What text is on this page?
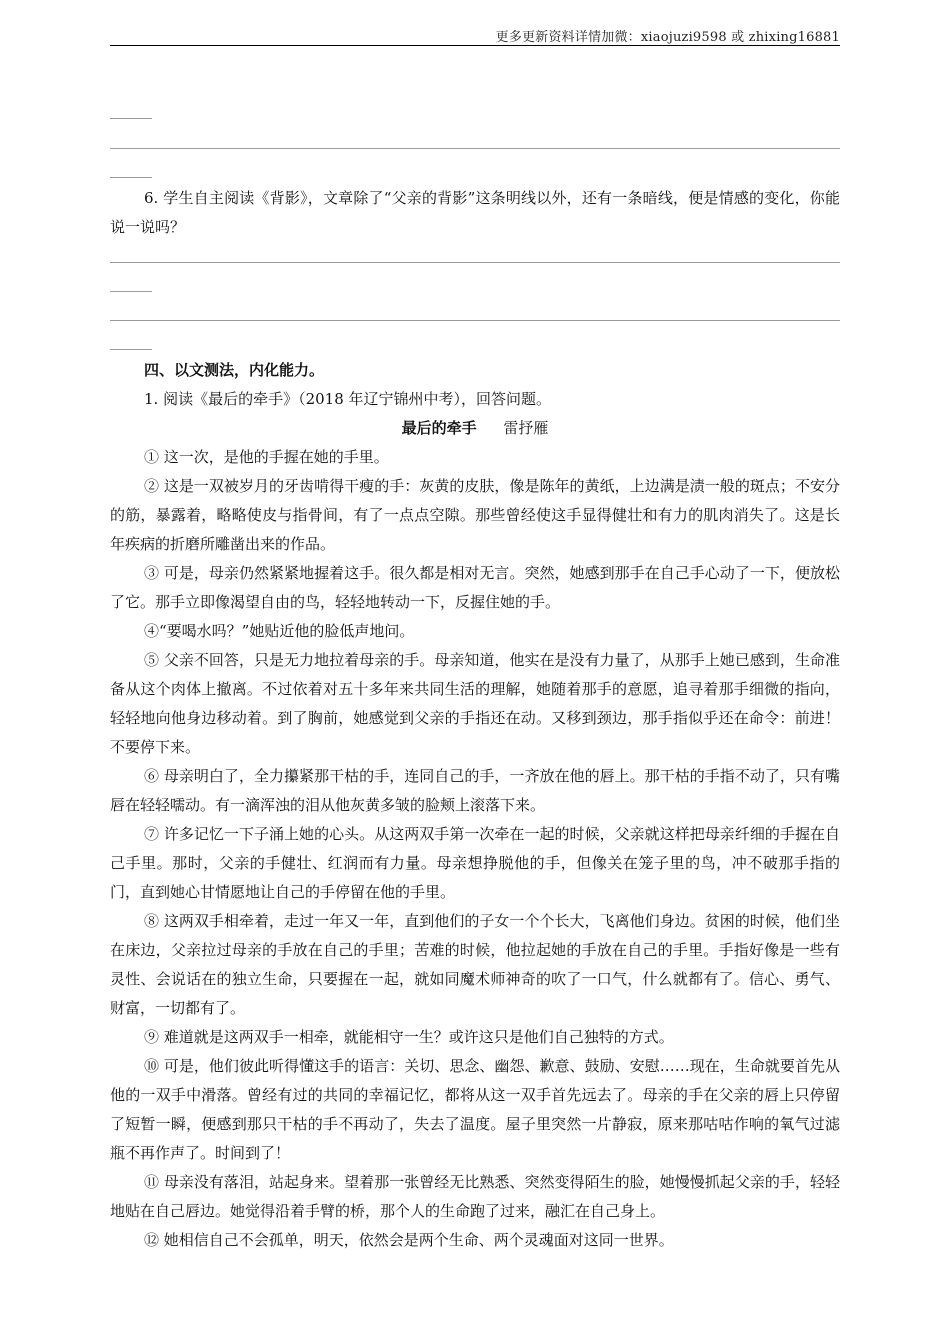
更多更新资料详情加微：xiaojuzi9598 或 zhixing16881

6. 学生自主阅读《背影》，文章除了“父亲的背影”这条明线以外，还有一条暗线，便是情感的变化，你能说一说吗？

四、以文测法，内化能力。

1. 阅读《最后的牵手》（2018 年辽宁锦州中考），回答问题。

最后的牵手 雷抒雁

① 这一次，是他的手握在她的手里。

② 这是一双被岁月的牙齿啃得干瘦的手：灰黄的皮肤，像是陈年的黄纸，上边满是渍一般的斑点；不安分的筋，暴露着，略略使皮与指骨间，有了一点点空隙。那些曾经使这手显得健壮和有力的肌肉消失了。这是长年疾病的折磨所雕凿出来的作品。

③ 可是，母亲仍然紧紧地握着这手。很久都是相对无言。突然，她感到那手在自己手心动了一下，便放松了它。那手立即像渴望自由的鸟，轻轻地转动一下，反握住她的手。

④“要喝水吗？”她贴近他的脸低声地问。

⑤ 父亲不回答，只是无力地拉着母亲的手。母亲知道，他实在是没有力量了，从那手上她已感到，生命准备从这个肉体上撤离。不过依着对五十多年来共同生活的理解，她随着那手的意愿，追寻着那手细微的指向，轻轻地向他身边移动着。到了胸前，她感觉到父亲的手指还在动。又移到颈边，那手指似乎还在命令：前进！不要停下来。

⑥ 母亲明白了，全力攥紧那干枯的手，连同自己的手，一齐放在他的唇上。那干枯的手指不动了，只有嘴唇在轻轻嚅动。有一滴浑浊的泪从他灰黄多皱的脸颊上滚落下来。

⑦ 许多记忆一下子涌上她的心头。从这两双手第一次牵在一起的时候，父亲就这样把母亲纤细的手握在自己手里。那时，父亲的手健壮、红润而有力量。母亲想挣脱他的手，但像关在笼子里的鸟，冲不破那手指的门，直到她心甘情愿地让自己的手停留在他的手里。

⑧ 这两双手相牵着，走过一年又一年，直到他们的子女一个个长大，飞离他们身边。贫困的时候，他们坐在床边，父亲拉过母亲的手放在自己的手里；苦难的时候，他拉起她的手放在自己的手里。手指好像是一些有灵性、会说话在的独立生命，只要握在一起，就如同魔术师神奇的吹了一口气，什么就都有了。信心、勇气、财富，一切都有了。

⑨ 难道就是这两双手一相牵，就能相守一生？或许这只是他们自己独特的方式。

⑩ 可是，他们彼此听得懂这手的语言：关切、思念、幽怨、歉意、鼓励、安慰……现在，生命就要首先从他的一双手中滑落。曾经有过的共同的幸福记忆，都将从这一双手首先远去了。母亲的手在父亲的唇上只停留了短暂一瞬，便感到那只干枯的手不再动了，失去了温度。屋子里突然一片静寂，原来那咕咕作响的氧气过滤瓶不再作声了。时间到了！

⑪ 母亲没有落泪，站起身来。望着那一张曾经无比熟悉、突然变得陌生的脸，她慢慢抓起父亲的手，轻轻地贴在自己唇边。她觉得沿着手臂的桥，那个人的生命跑了过来，融汇在自己身上。

⑫ 她相信自己不会孤单，明天，依然会是两个生命、两个灵魂面对这同一世界。
